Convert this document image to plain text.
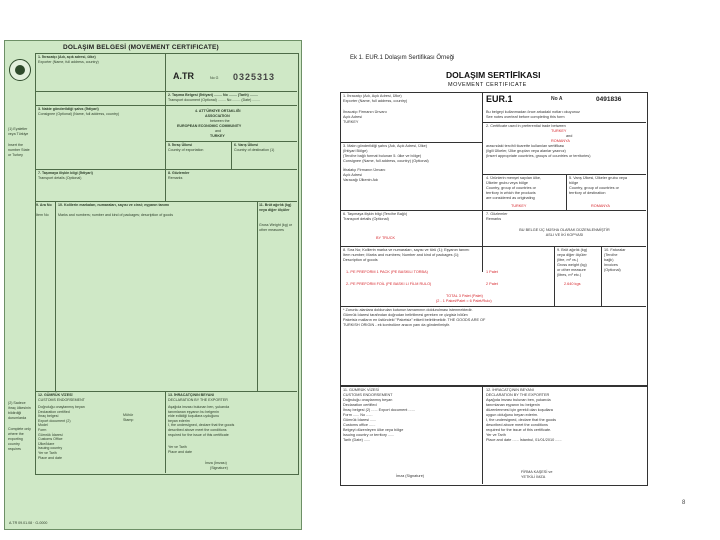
Ek 1. EUR.1 Dolaşım Sertifikası Örneği
DOLAŞIM BELGESİ (MOVEMENT CERTIFICATE)
1. İhracatçı (Adı, açık adresi, ülke)
Exporter (Name, full address, country)
A.TR	No G 0325313
2. Taşıma Belgesi (İhtiyari) ........ No ........ (Tarih) ........
Transport document (Optional) ........ No ........ (Date) ........
3. Nakte gönderildiği şahıs (İhtiyari)
Consignee (Optional) (Name, full address, country)
4. ATT'ÜRKİYE ORTAKLIĞI
ASSOCIATION
between the
EUROPEAN ECONOMIC COMMUNITY
and
TURKEY
5. İhraç Ülkesi
Country of exportation
6. Varış Ülkesi
Country of destination (1)
7. Taşımaya ilişkin bilgi (İhtiyari)
Transport details (Optional)
8. Gözlemler
Remarks
9. Ara No
Item No
10. Kolilerin markaları, numaraları, sayısı ve cinsi; eşyanın tanımı
Marks and numbers; number and kind of packages; description of goods
11. Brüt ağırlık (kg) veya diğer ölçüler
Gross Weight (kg) or other measures
(1) Eyaletler veya Türkiye
Insert the number State or Turkey
(2) Sadece ihraç ülkesinin bildirdiği durumlarda
Complete only where the exporting country requires
12. GÜMRÜK VİZESİ
CUSTOMS ENDORSEMENT
Doğruluğu onaylanmış beyan
Declaration certified
İhraç belgesi
Export document (2)
Model
Form
Gümrük İdaresi
Customs Office
Ülke/İdare
Issuing country
Yer ve Tarih
Place and date
Mühür
Stamp
13. İHRACATÇININ BEYANI
DECLARATION BY THE EXPORTER
Aşağıda imzası bulunan ben, yukarıda
tanımlanan eşyanın bu belgenin
elde edildiği koşullara uyduğunu
beyan ederim
I, the undersigned, declare that the goods
described above meet the conditions
required for the issue of this certificate
Yer ve Tarih
Place and date
İmza (İmzası)
(Signature)
A.TR 09.01.08 · G-0000
DOLAŞIM SERTİFİKASI
MOVEMENT CERTIFICATE
1. İhracatçı (Adı, Açık Adresi, Ülke)
Exporter (Name, full address, country)
İhracatçı Firmanın Ünvanı
Açık Adresi
TURKEY
EUR.1	No A	0491836
Bu belgeyi kullanmadan önce arkadaki notları okuyunuz
See notes overleaf before completing this form
2. Certificate used in preferential trade between
TURKEY
and
ROMANYA
arasındaki tercihli ticarette kullanılan sertifikası
(ilgili Ülkeler, Ülke grupları veya alanlar yazınız)
(Insert appropriate countries, groups of countries or territories)
3. Malın gönderildiği şahıs (Adı, Açık Adresi, Ülke)
(İhtiyari Bölge)
(Tercihe bağlı format bulunan 5. ülke ve bölge)
Consignee (Name, full address, country) (Optional)
İthalatçı Firmanın Ünvanı
Açık Adresi
Varacağı Ülkenin Adı	4. Ürünlerin menşei sayılan ülke,
Ülkeler grubu veya bölge
Country, group of countries or
territory in which the products
are considered as originating
TURKEY
5. Varış Ülkesi, Ülkeler grubu veya
bölge
Country, group of countries or
territory of destination
ROMANYA
6. Taşımaya ilişkin bilgi (Tercihe Bağlı)
Transport details (Optional)
BY TRUCK
7. Gözlemler
Remarks
BU BELGE ÜÇ NÜSHA OLARAK DÜZENLENMİŞTİR
ASLI VE İKİ KOPYASI
8. Sıra No; Kolilerin marka ve numaraları, sayısı ve türü (1); Eşyanın tanımı
Item number; Marks and numbers; Number and kind of packages (1);
Description of goods
1- PE PREFORM 1 PACK (PE BASKILI TORBA)	1 Palet
2- PE PREFORM FOİL (PE BASKI LI FİLM RULO)	2 Palet
TOTAL 3 Palet (Palet)
(2 - 1 Paket/Palet = 6 Palet/Rulo)
9. Brüt ağırlık (kg)
veya diğer ölçüler
(litre, m³ vs.)
Gross weight (kg)
or other measure
(litres, m³ etc.)
2.640 kgs
10. Faturalar
(Tercihe
bağlı)
Invoices
(Optional)
* Zorunlu alanlara doldurulan kutunun tamamının doldurulması istenmektedir.
Gümrük İdaresi tarafından doğrudan belirtilmesi gereken ve çizgisiz bölüm
Paketsiz malların en üstündeki "Paketsiz" etiketi belirtilmelidir. THE GOODS ARE OF
TURKISH ORIGIN - ek kontrolüne aracın yanı da gönderilmiştir.
11. GÜMRÜK VİZESİ
CUSTOMS ENDORSEMENT
Doğruluğu onaylanmış beyan
Declaration certified
İhraç belgesi (2) ...... Export document ......
Form ...... No ......
Gümrük İdaresi ......
Customs office ......
Belgeyi düzenleyen ülke veya bölge
Issuing country or territory ......
Tarih (Date) ......
İmza (Signature)
12. İHRACATÇININ BEYANI
DECLARATION BY THE EXPORTER
Aşağıda imzası bulunan ben, yukarıda
tanımlanan eşyanın bu belgenin
düzenlenmesi için gerekli olan koşullara
uygun olduğunu beyan ederim.
I, the undersigned, declare that the goods
described above meet the conditions
required for the issue of this certificate.
Yer ve Tarih
Place and date ...... İstanbul, 01/01/2010 ......
FİRMA KAŞESİ ve
YETKİLİ İMZA
8
